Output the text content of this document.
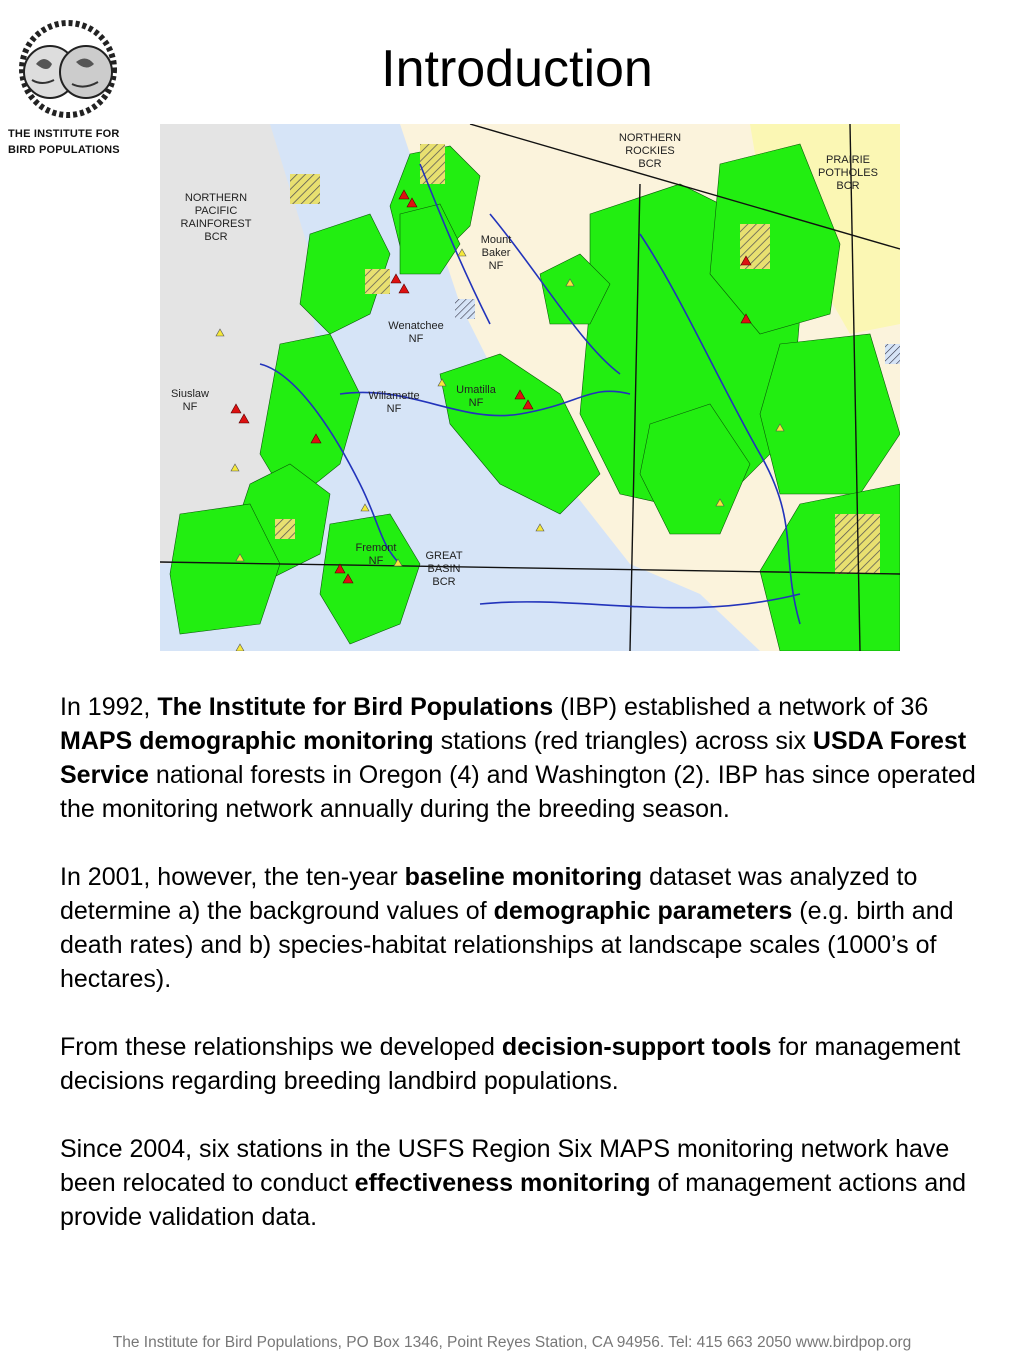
THE INSTITUTE FOR
BIRD POPULATIONS
Introduction
NORTHERN
ROCKIES
BCR	PRAIRIE
POTHOLES
BCR
NORTHERN
PACIFIC
RAINFOREST
BCR	Mount
Baker
NF
Wenatchee
NF
Siuslaw
NF
Umatilla
NF
Willamette
NF
Fremont
NF	GREAT
BASIN
BCR

In 1992, The Institute for Bird Populations (IBP) established a network of 36 MAPS demographic monitoring stations (red triangles) across six USDA Forest Service national forests in Oregon (4) and Washington (2). IBP has since operated the monitoring network annually during the breeding season.

In 2001, however, the ten-year baseline monitoring dataset was analyzed to determine a) the background values of demographic parameters (e.g. birth and death rates) and b) species-habitat relationships at landscape scales (1000’s of hectares).

From these relationships we developed decision-support tools for management decisions regarding breeding landbird populations.

Since 2004, six stations in the USFS Region Six MAPS monitoring network have been relocated to conduct effectiveness monitoring of management actions and provide validation data.

The Institute for Bird Populations, PO Box 1346, Point Reyes Station, CA 94956. Tel: 415 663 2050 www.birdpop.org
